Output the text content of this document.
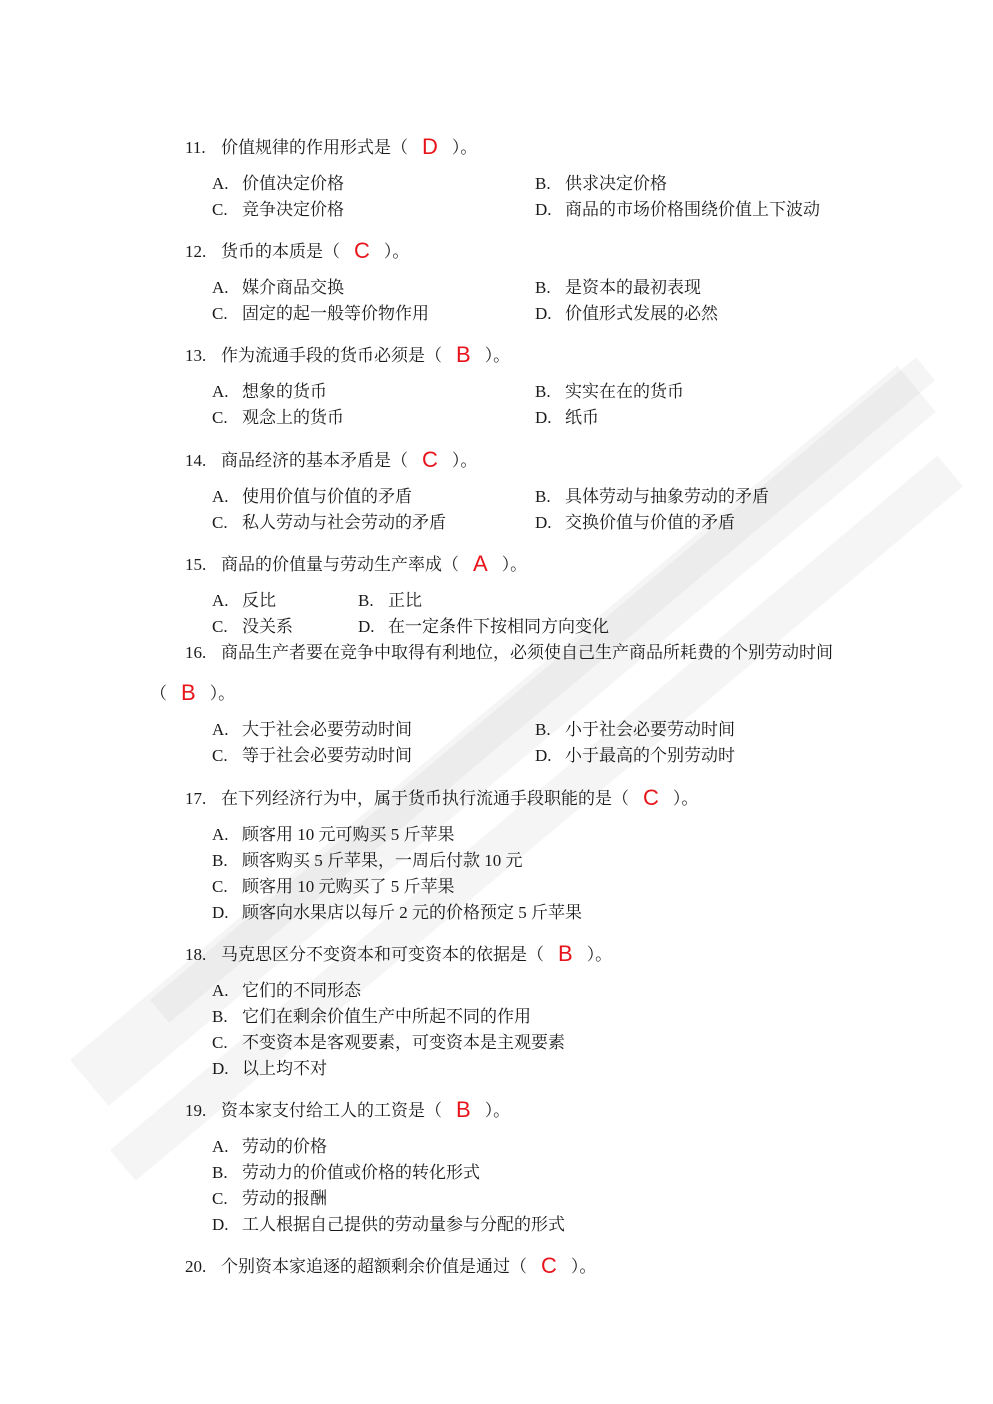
11. 价值规律的作用形式是（ D ）。
A. 价值决定价格	B. 供求决定价格
C. 竞争决定价格	D. 商品的市场价格围绕价值上下波动
12. 货币的本质是（ C ）。
A. 媒介商品交换	B. 是资本的最初表现
C. 固定的起一般等价物作用	D. 价值形式发展的必然
13. 作为流通手段的货币必须是（ B ）。
A. 想象的货币	B. 实实在在的货币
C. 观念上的货币	D. 纸币
14. 商品经济的基本矛盾是（ C ）。
A. 使用价值与价值的矛盾	B. 具体劳动与抽象劳动的矛盾
C. 私人劳动与社会劳动的矛盾	D. 交换价值与价值的矛盾
15. 商品的价值量与劳动生产率成（ A ）。
A. 反比	B. 正比
C. 没关系	D. 在一定条件下按相同方向变化
16. 商品生产者要在竞争中取得有利地位，必须使自己生产商品所耗费的个别劳动时间
（ B ）。
A. 大于社会必要劳动时间	B. 小于社会必要劳动时间
C. 等于社会必要劳动时间	D. 小于最高的个别劳动时
17. 在下列经济行为中，属于货币执行流通手段职能的是（ C ）。
A. 顾客用 10 元可购买 5 斤苹果
B. 顾客购买 5 斤苹果，一周后付款 10 元
C. 顾客用 10 元购买了 5 斤苹果
D. 顾客向水果店以每斤 2 元的价格预定 5 斤苹果
18. 马克思区分不变资本和可变资本的依据是（ B ）。
A. 它们的不同形态
B. 它们在剩余价值生产中所起不同的作用
C. 不变资本是客观要素，可变资本是主观要素
D. 以上均不对
19. 资本家支付给工人的工资是（ B ）。
A. 劳动的价格
B. 劳动力的价值或价格的转化形式
C. 劳动的报酬
D. 工人根据自己提供的劳动量参与分配的形式
20. 个别资本家追逐的超额剩余价值是通过（ C ）。
